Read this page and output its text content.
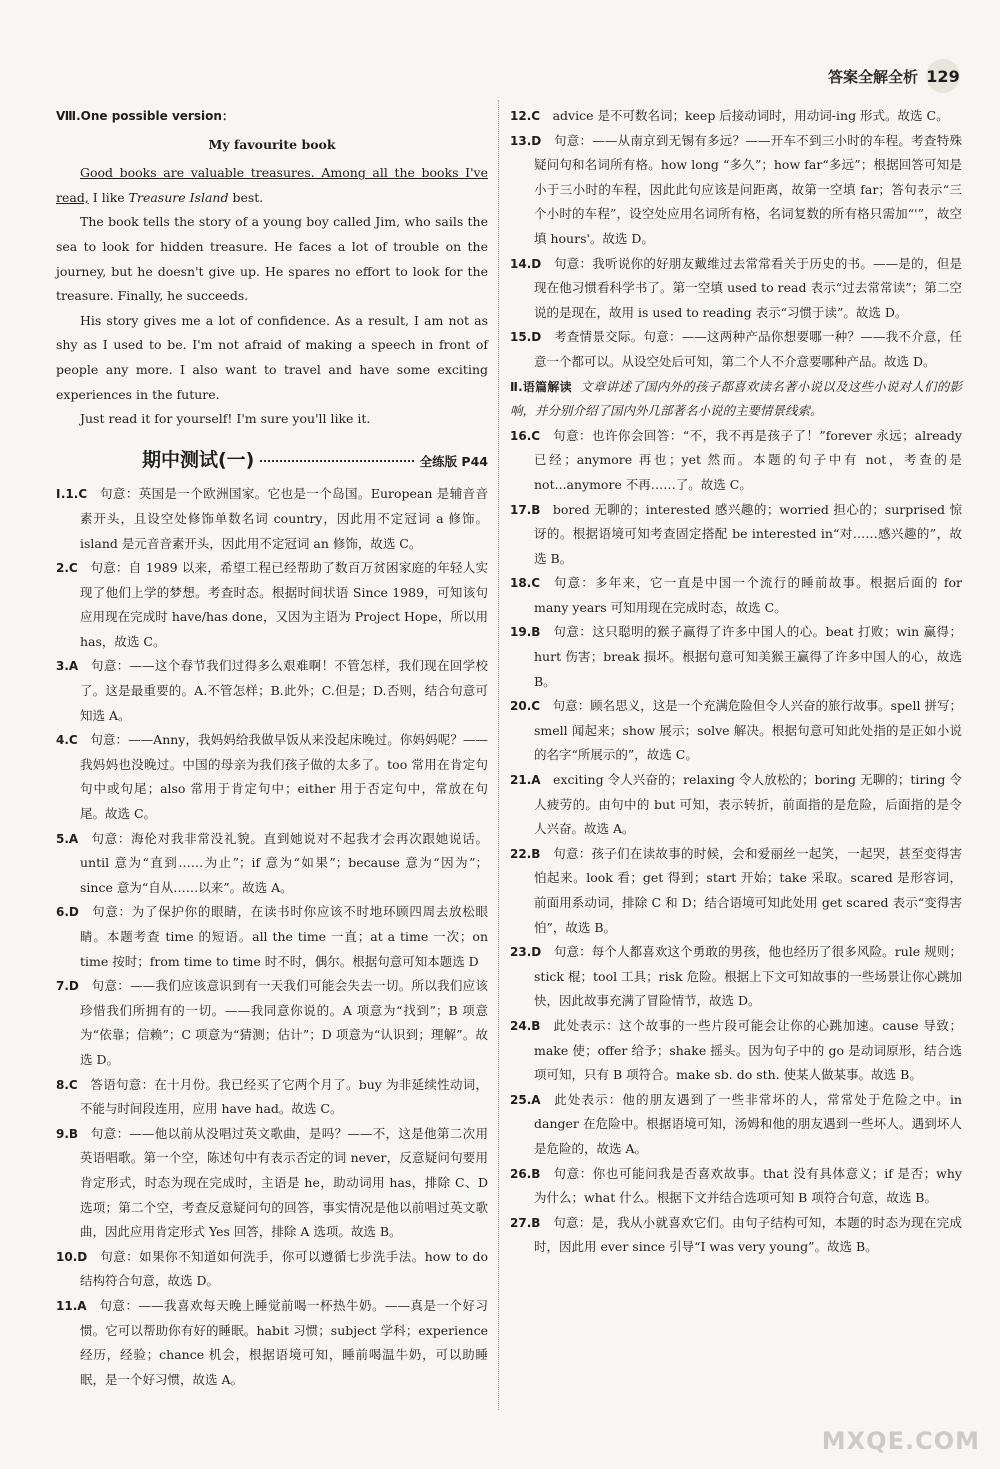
答案全解全析 129

Ⅷ.One possible version：

My favourite book

Good books are valuable treasures. Among all the books I've read, I like Treasure Island best.

The book tells the story of a young boy called Jim, who sails the sea to look for hidden treasure. He faces a lot of trouble on the journey, but he doesn't give up. He spares no effort to look for the treasure. Finally, he succeeds.

His story gives me a lot of confidence. As a result, I am not as shy as I used to be. I'm not afraid of making a speech in front of people any more. I also want to travel and have some exciting experiences in the future.

Just read it for yourself! I'm sure you'll like it.

期中测试(一)	全练版 P44

Ⅰ.1.C  句意：英国是一个欧洲国家。它也是一个岛国。European 是辅音音素开头，且设空处修饰单数名词 country，因此用不定冠词 a 修饰。island 是元音音素开头，因此用不定冠词 an 修饰，故选 C。

2.C  句意：自 1989 以来，希望工程已经帮助了数百万贫困家庭的年轻人实现了他们上学的梦想。考查时态。根据时间状语 Since 1989，可知该句应用现在完成时 have/has done，又因为主语为 Project Hope，所以用 has，故选 C。

3.A  句意：——这个春节我们过得多么艰难啊！不管怎样，我们现在回学校了。这是最重要的。A.不管怎样；B.此外；C.但是；D.否则，结合句意可知选 A。

4.C  句意：——Anny，我妈妈给我做早饭从来没起床晚过。你妈妈呢？——我妈妈也没晚过。中国的母亲为我们孩子做的太多了。too 常用在肯定句句中或句尾；also 常用于肯定句中；either 用于否定句中，常放在句尾。故选 C。

5.A  句意：海伦对我非常没礼貌。直到她说对不起我才会再次跟她说话。until 意为“直到……为止”；if 意为“如果”；because 意为“因为”；since 意为“自从……以来”。故选 A。

6.D  句意：为了保护你的眼睛，在读书时你应该不时地环顾四周去放松眼睛。本题考查 time 的短语。all the time 一直；at a time 一次；on time 按时；from time to time 时不时，偶尔。根据句意可知本题选 D

7.D  句意：——我们应该意识到有一天我们可能会失去一切。所以我们应该珍惜我们所拥有的一切。——我同意你说的。A 项意为“找到”；B 项意为“依靠；信赖”；C 项意为“猜测；估计”；D 项意为“认识到；理解”。故选 D。

8.C  答语句意：在十月份。我已经买了它两个月了。buy 为非延续性动词，不能与时间段连用，应用 have had。故选 C。

9.B  句意：——他以前从没唱过英文歌曲，是吗？——不，这是他第二次用英语唱歌。第一个空，陈述句中有表示否定的词 never，反意疑问句要用肯定形式，时态为现在完成时，主语是 he，助动词用 has，排除 C、D 选项；第二个空，考查反意疑问句的回答，事实情况是他以前唱过英文歌曲，因此应用肯定形式 Yes 回答，排除 A 选项。故选 B。

10.D  句意：如果你不知道如何洗手，你可以遵循七步洗手法。how to do 结构符合句意，故选 D。

11.A  句意：——我喜欢每天晚上睡觉前喝一杯热牛奶。——真是一个好习惯。它可以帮助你有好的睡眠。habit 习惯；subject 学科；experience 经历，经验；chance 机会，根据语境可知，睡前喝温牛奶，可以助睡眠，是一个好习惯，故选 A。

12.C  advice 是不可数名词；keep 后接动词时，用动词-ing 形式。故选 C。

13.D  句意：——从南京到无锡有多远？——开车不到三小时的车程。考查特殊疑问句和名词所有格。how long “多久”；how far“多远”；根据回答可知是小于三小时的车程，因此此句应该是问距离，故第一空填 far；答句表示“三个小时的车程”，设空处应用名词所有格，名词复数的所有格只需加“'”，故空填 hours'。故选 D。

14.D  句意：我听说你的好朋友戴维过去常常看关于历史的书。——是的，但是现在他习惯看科学书了。第一空填 used to read 表示“过去常常读”；第二空说的是现在，故用 is used to reading 表示“习惯于读”。故选 D。

15.D  考查情景交际。句意：——这两种产品你想要哪一种？——我不介意，任意一个都可以。从设空处后可知，第二个人不介意要哪种产品。故选 D。

Ⅱ.语篇解读 文章讲述了国内外的孩子都喜欢读名著小说以及这些小说对人们的影响，并分别介绍了国内外几部著名小说的主要情景线索。

16.C  句意：也许你会回答：“不，我不再是孩子了！”forever 永远；already 已经；anymore 再也；yet 然而。本题的句子中有 not，考查的是 not...anymore 不再……了。故选 C。

17.B  bored 无聊的；interested 感兴趣的；worried 担心的；surprised 惊讶的。根据语境可知考查固定搭配 be interested in“对……感兴趣的”，故选 B。

18.C  句意：多年来，它一直是中国一个流行的睡前故事。根据后面的 for many years 可知用现在完成时态，故选 C。

19.B  句意：这只聪明的猴子赢得了许多中国人的心。beat 打败；win 赢得；hurt 伤害；break 损坏。根据句意可知美猴王赢得了许多中国人的心，故选 B。

20.C  句意：顾名思义，这是一个充满危险但令人兴奋的旅行故事。spell 拼写；smell 闻起来；show 展示；solve 解决。根据句意可知此处指的是正如小说的名字“所展示的”，故选 C。

21.A  exciting 令人兴奋的；relaxing 令人放松的；boring 无聊的；tiring 令人疲劳的。由句中的 but 可知，表示转折，前面指的是危险，后面指的是令人兴奋。故选 A。

22.B  句意：孩子们在读故事的时候，会和爱丽丝一起笑，一起哭，甚至变得害怕起来。look 看；get 得到；start 开始；take 采取。scared 是形容词，前面用系动词，排除 C 和 D；结合语境可知此处用 get scared 表示“变得害怕”，故选 B。

23.D  句意：每个人都喜欢这个勇敢的男孩，他也经历了很多风险。rule 规则；stick 棍；tool 工具；risk 危险。根据上下文可知故事的一些场景让你心跳加快，因此故事充满了冒险情节，故选 D。

24.B  此处表示：这个故事的一些片段可能会让你的心跳加速。cause 导致；make 使；offer 给予；shake 摇头。因为句子中的 go 是动词原形，结合选项可知，只有 B 项符合。make sb. do sth. 使某人做某事。故选 B。

25.A  此处表示：他的朋友遇到了一些非常坏的人，常常处于危险之中。in danger 在危险中。根据语境可知，汤姆和他的朋友遇到一些坏人。遇到坏人是危险的，故选 A。

26.B  句意：你也可能问我是否喜欢故事。that 没有具体意义；if 是否；why 为什么；what 什么。根据下文并结合选项可知 B 项符合句意，故选 B。

27.B  句意：是，我从小就喜欢它们。由句子结构可知，本题的时态为现在完成时，因此用 ever since 引导“I was very young”。故选 B。

MXQE.COM
